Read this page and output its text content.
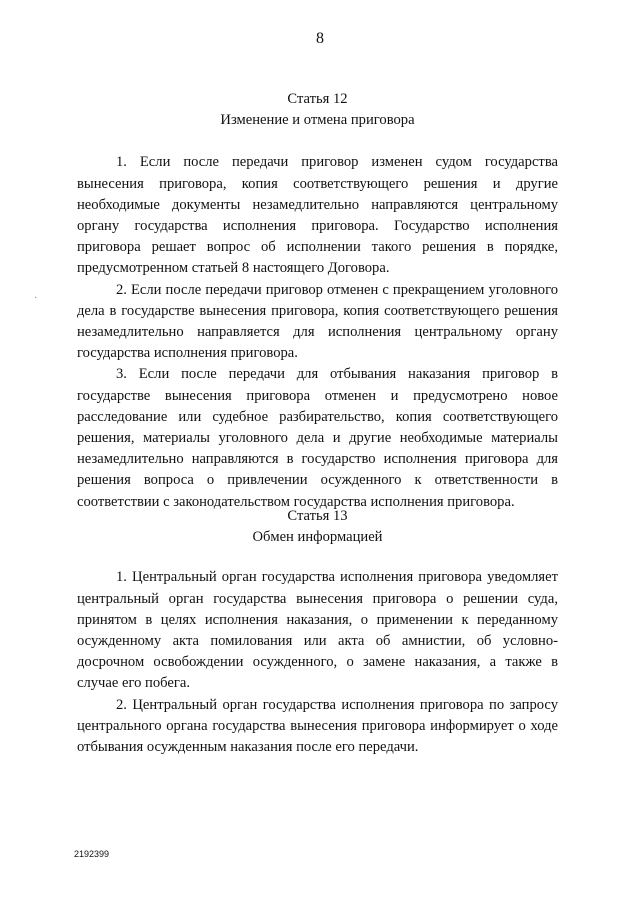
8
·
Статья 12
Изменение и отмена приговора

1. Если после передачи приговор изменен судом государства вынесения приговора, копия соответствующего решения и другие необходимые документы незамедлительно направляются центральному органу государства исполнения приговора. Государство исполнения приговора решает вопрос об исполнении такого решения в порядке, предусмотренном статьей 8 настоящего Договора.

2. Если после передачи приговор отменен с прекращением уголовного дела в государстве вынесения приговора, копия соответствующего решения незамедлительно направляется для исполнения центральному органу государства исполнения приговора.

3. Если после передачи для отбывания наказания приговор в государстве вынесения приговора отменен и предусмотрено новое расследование или судебное разбирательство, копия соответствующего решения, материалы уголовного дела и другие необходимые материалы незамедлительно направляются в государство исполнения приговора для решения вопроса о привлечении осужденного к ответственности в соответствии с законодательством государства исполнения приговора.

Статья 13
Обмен информацией

1. Центральный орган государства исполнения приговора уведомляет центральный орган государства вынесения приговора о решении суда, принятом в целях исполнения наказания, о применении к переданному осужденному акта помилования или акта об амнистии, об условно-досрочном освобождении осужденного, о замене наказания, а также в случае его побега.

2. Центральный орган государства исполнения приговора по запросу центрального органа государства вынесения приговора информирует о ходе отбывания осужденным наказания после его передачи.

2192399
